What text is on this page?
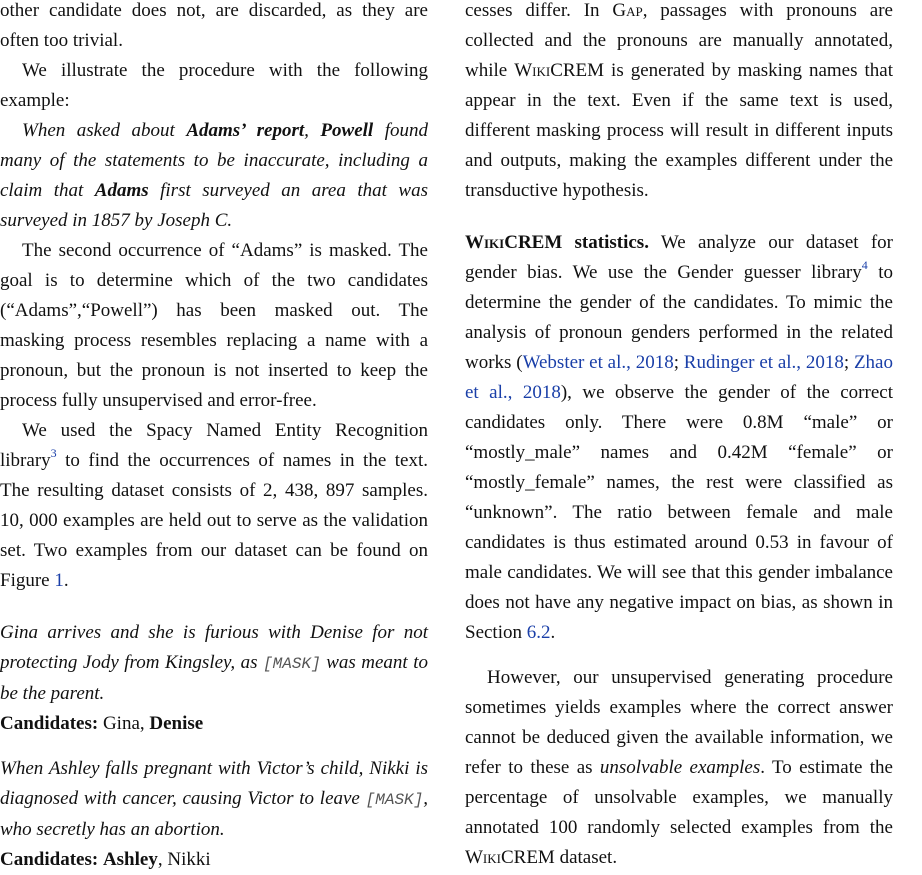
other candidate does not, are discarded, as they are often too trivial.

We illustrate the procedure with the following example:

When asked about Adams’ report, Powell found many of the statements to be inaccurate, including a claim that Adams first surveyed an area that was surveyed in 1857 by Joseph C.

The second occurrence of “Adams” is masked. The goal is to determine which of the two candidates (“Adams”,“Powell”) has been masked out. The masking process resembles replacing a name with a pronoun, but the pronoun is not inserted to keep the process fully unsupervised and error-free.

We used the Spacy Named Entity Recognition library$^3$ to find the occurrences of names in the text. The resulting dataset consists of 2, 438, 897 samples. 10, 000 examples are held out to serve as the validation set. Two examples from our dataset can be found on Figure 1.

Gina arrives and she is furious with Denise for not protecting Jody from Kingsley, as [MASK] was meant to be the parent.

Candidates: Gina, Denise

When Ashley falls pregnant with Victor’s child, Nikki is diagnosed with cancer, causing Victor to leave [MASK], who secretly has an abortion.

Candidates: Ashley, Nikki

cesses differ. In Gap, passages with pronouns are collected and the pronouns are manually annotated, while WikiCREM is generated by masking names that appear in the text. Even if the same text is used, different masking process will result in different inputs and outputs, making the examples different under the transductive hypothesis.

WikiCREM statistics. We analyze our dataset for gender bias. We use the Gender guesser library$^4$ to determine the gender of the candidates. To mimic the analysis of pronoun genders performed in the related works (Webster et al., 2018; Rudinger et al., 2018; Zhao et al., 2018), we observe the gender of the correct candidates only. There were 0.8M “male” or “mostly_male” names and 0.42M “female” or “mostly_female” names, the rest were classified as “unknown”. The ratio between female and male candidates is thus estimated around 0.53 in favour of male candidates. We will see that this gender imbalance does not have any negative impact on bias, as shown in Section 6.2.

However, our unsupervised generating procedure sometimes yields examples where the correct answer cannot be deduced given the available information, we refer to these as unsolvable examples. To estimate the percentage of unsolvable examples, we manually annotated 100 randomly selected examples from the WikiCREM dataset.
